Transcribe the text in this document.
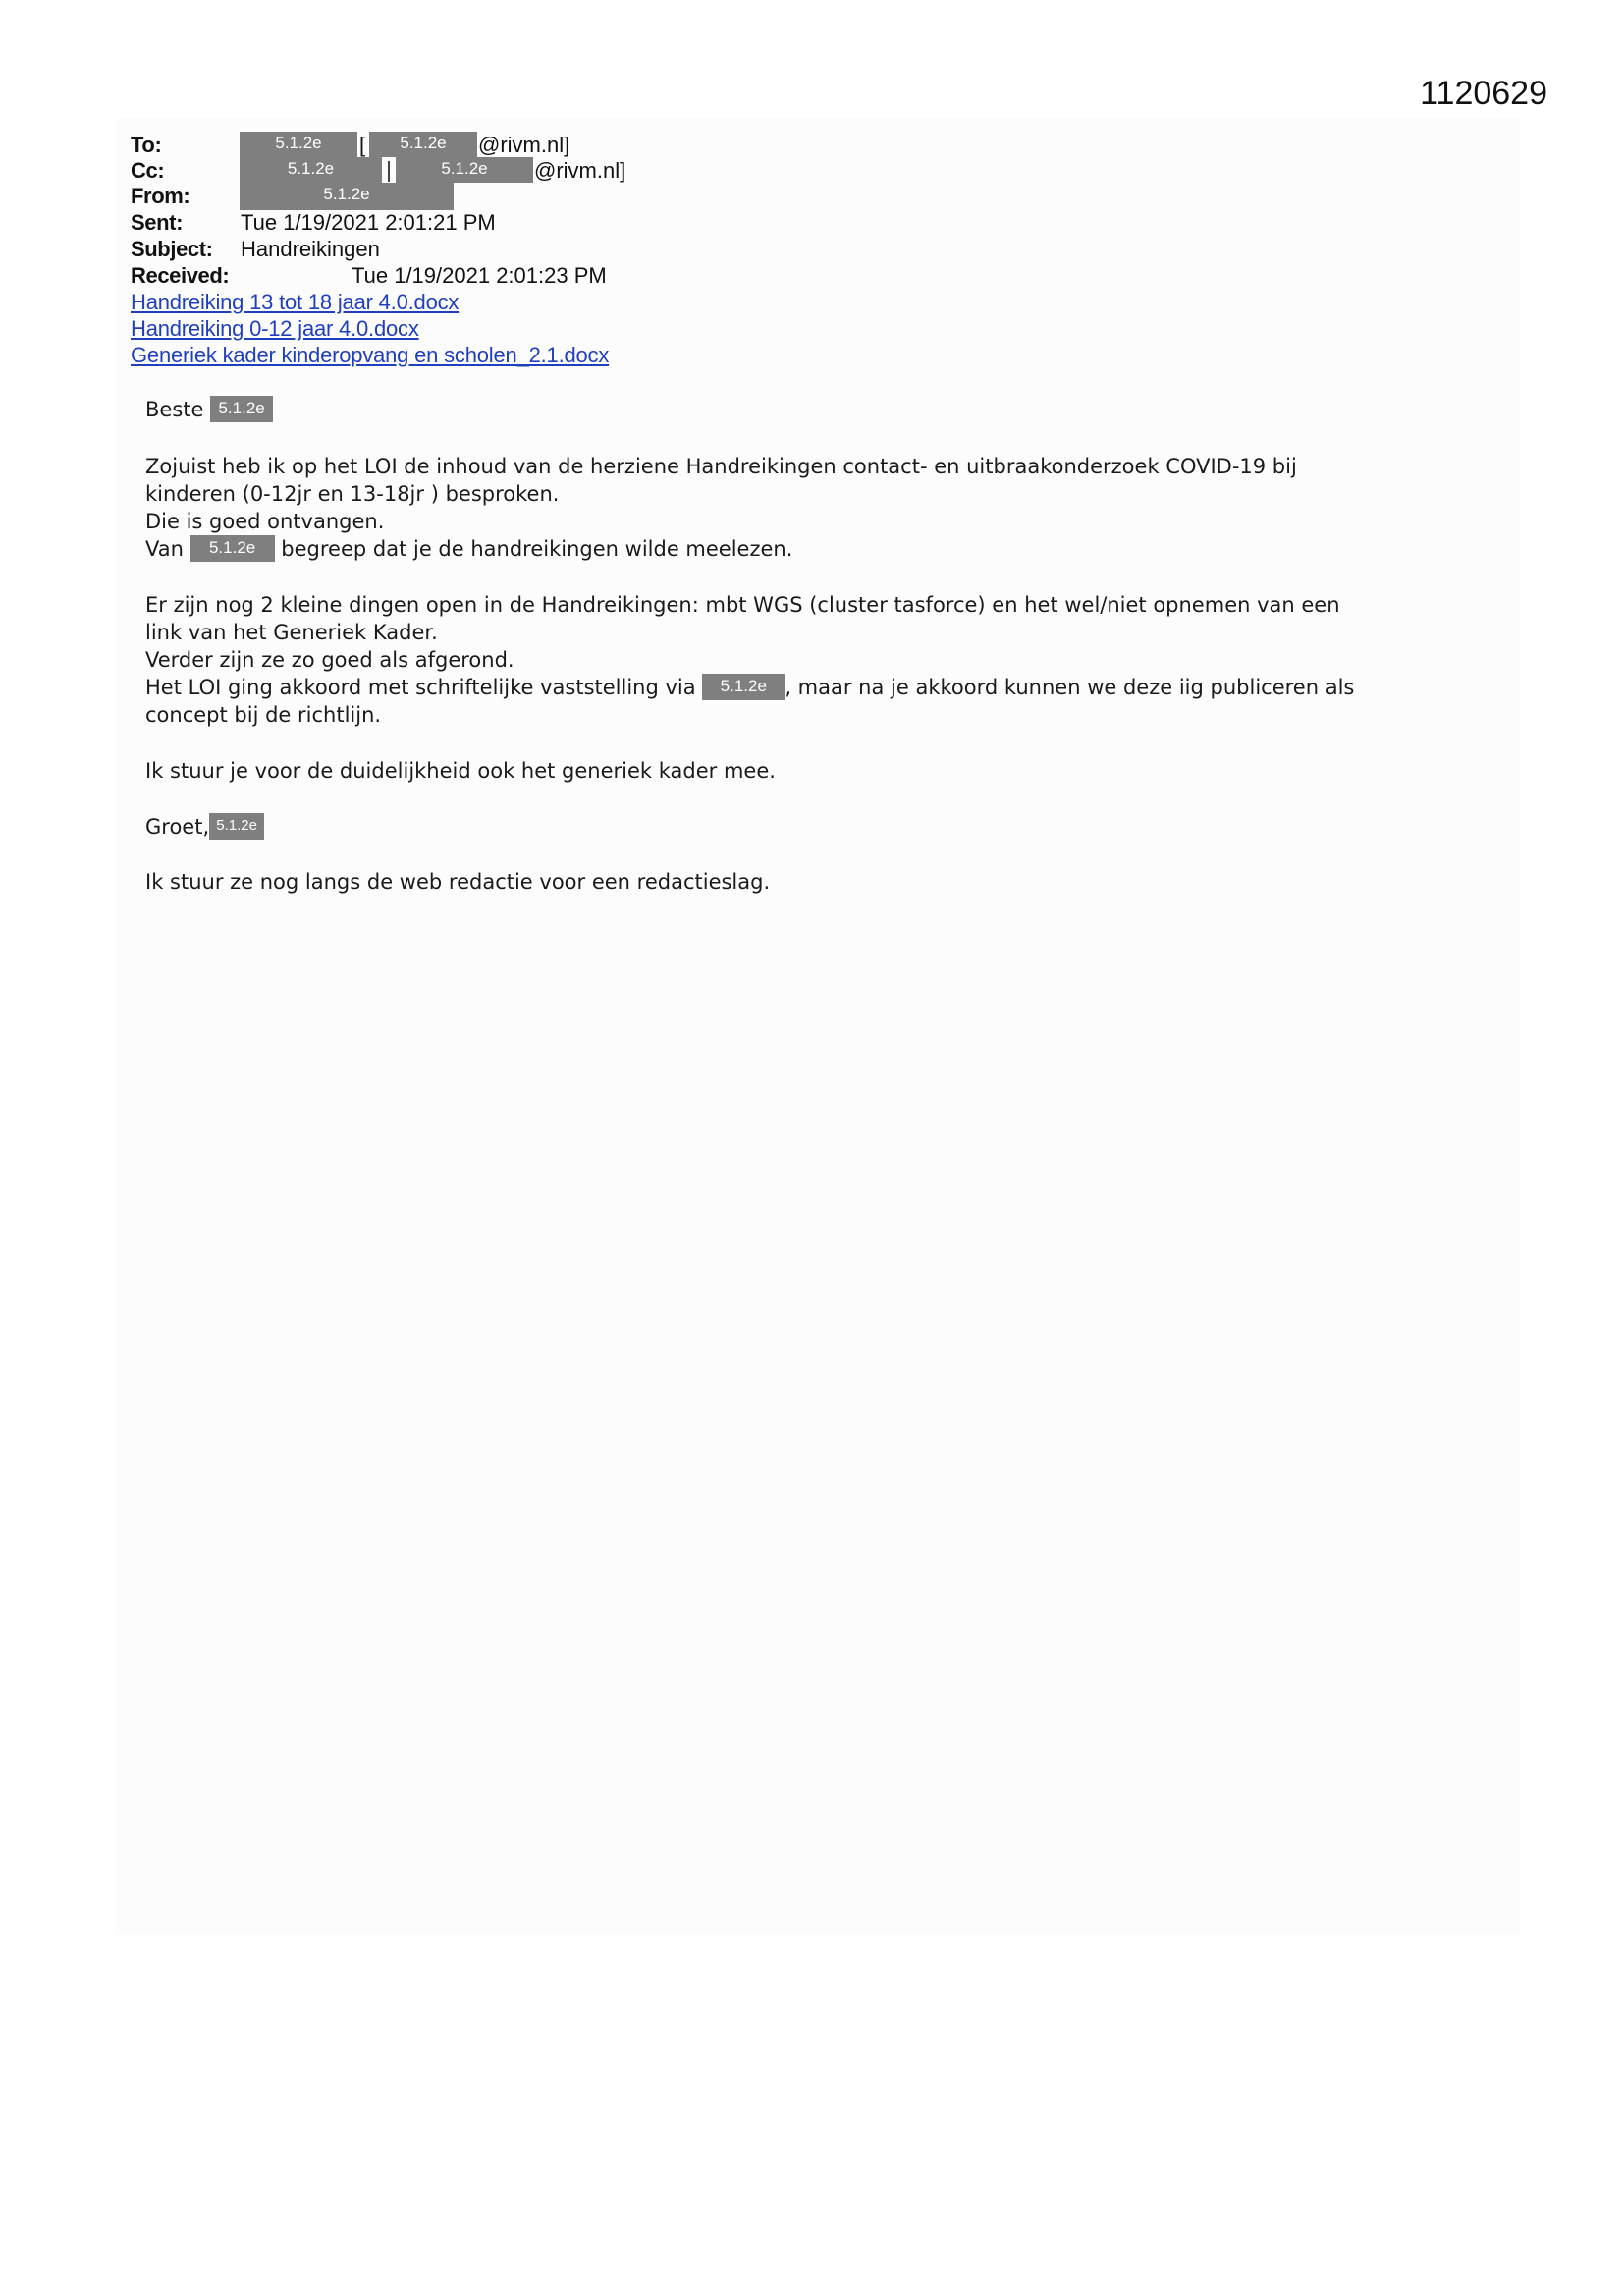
1120629
To:	5.1.2e	[	5.1.2e	@rivm.nl]
Cc:	5.1.2e	5.1.2e	@rivm.nl]
From:	5.1.2e
Sent:	Tue 1/19/2021 2:01:21 PM
Subject: Handreikingen
Received:	Tue 1/19/2021 2:01:23 PM
Handreiking 13 tot 18 jaar 4.0.docx
Handreiking 0-12 jaar 4.0.docx
Generiek kader kinderopvang en scholen_2.1.docx
Beste 5.1.2e
Zojuist heb ik op het LOI de inhoud van de herziene Handreikingen contact- en uitbraakonderzoek COVID-19 bij
kinderen (0-12jr en 13-18jr ) besproken.
Die is goed ontvangen.
Van 5.1.2e begreep dat je de handreikingen wilde meelezen.
Er zijn nog 2 kleine dingen open in de Handreikingen: mbt WGS (cluster tasforce) en het wel/niet opnemen van een
link van het Generiek Kader.
Verder zijn ze zo goed als afgerond.
Het LOI ging akkoord met schriftelijke vaststelling via 5.1.2e , maar na je akkoord kunnen we deze iig publiceren als
concept bij de richtlijn.
Ik stuur je voor de duidelijkheid ook het generiek kader mee.
Groet, 5.1.2e
Ik stuur ze nog langs de web redactie voor een redactieslag.
